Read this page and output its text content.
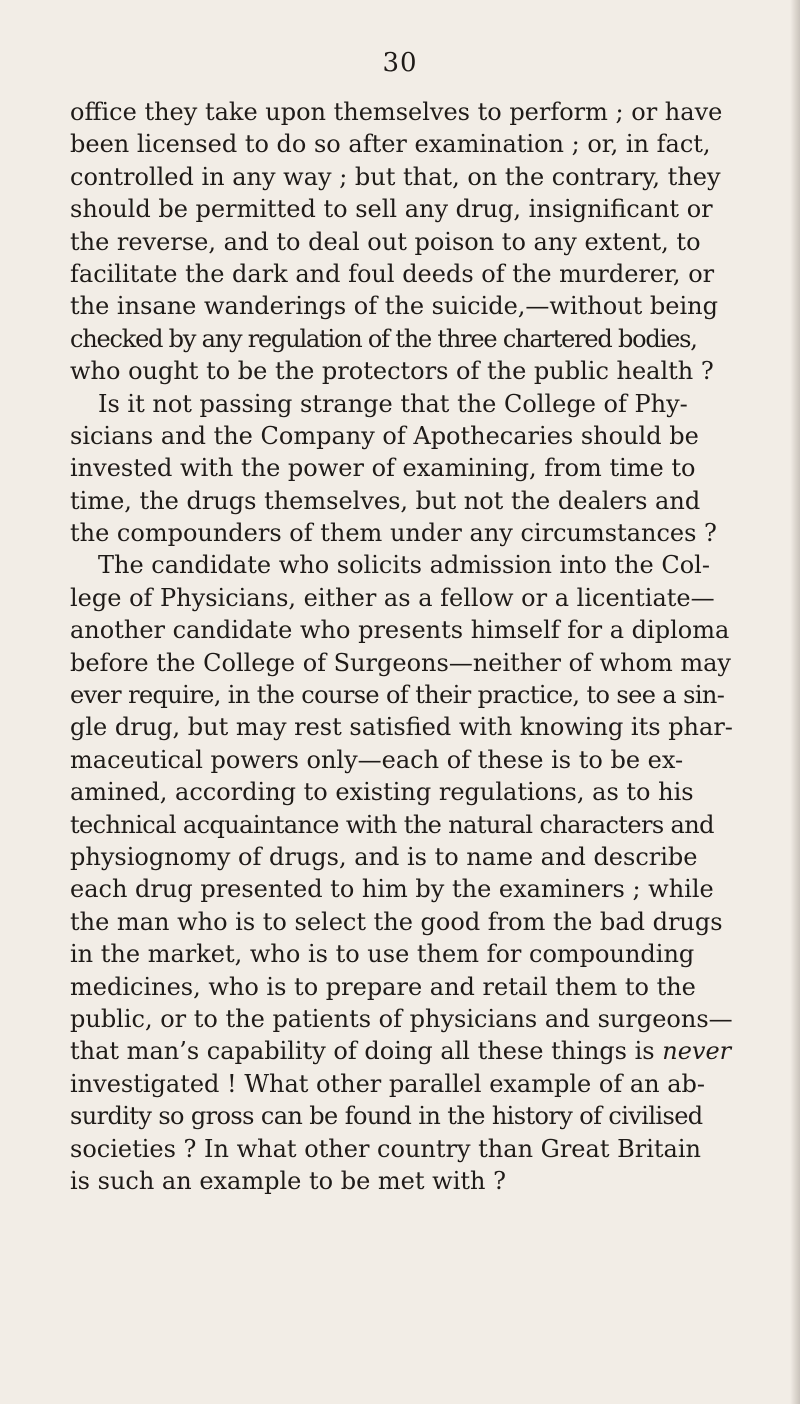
30
office they take upon themselves to perform ; or have
been licensed to do so after examination ; or, in fact,
controlled in any way ; but that, on the contrary, they
should be permitted to sell any drug, insignificant or
the reverse, and to deal out poison to any extent, to
facilitate the dark and foul deeds of the murderer, or
the insane wanderings of the suicide,—without being
checked by any regulation of the three chartered bodies,
who ought to be the protectors of the public health ?
Is it not passing strange that the College of Phy-
sicians and the Company of Apothecaries should be
invested with the power of examining, from time to
time, the drugs themselves, but not the dealers and
the compounders of them under any circumstances ?
The candidate who solicits admission into the Col-
lege of Physicians, either as a fellow or a licentiate—
another candidate who presents himself for a diploma
before the College of Surgeons—neither of whom may
ever require, in the course of their practice, to see a sin-
gle drug, but may rest satisfied with knowing its phar-
maceutical powers only—each of these is to be ex-
amined, according to existing regulations, as to his
technical acquaintance with the natural characters and
physiognomy of drugs, and is to name and describe
each drug presented to him by the examiners ; while
the man who is to select the good from the bad drugs
in the market, who is to use them for compounding
medicines, who is to prepare and retail them to the
public, or to the patients of physicians and surgeons—
that man’s capability of doing all these things is never
investigated ! What other parallel example of an ab-
surdity so gross can be found in the history of civilised
societies ? In what other country than Great Britain
is such an example to be met with ?
